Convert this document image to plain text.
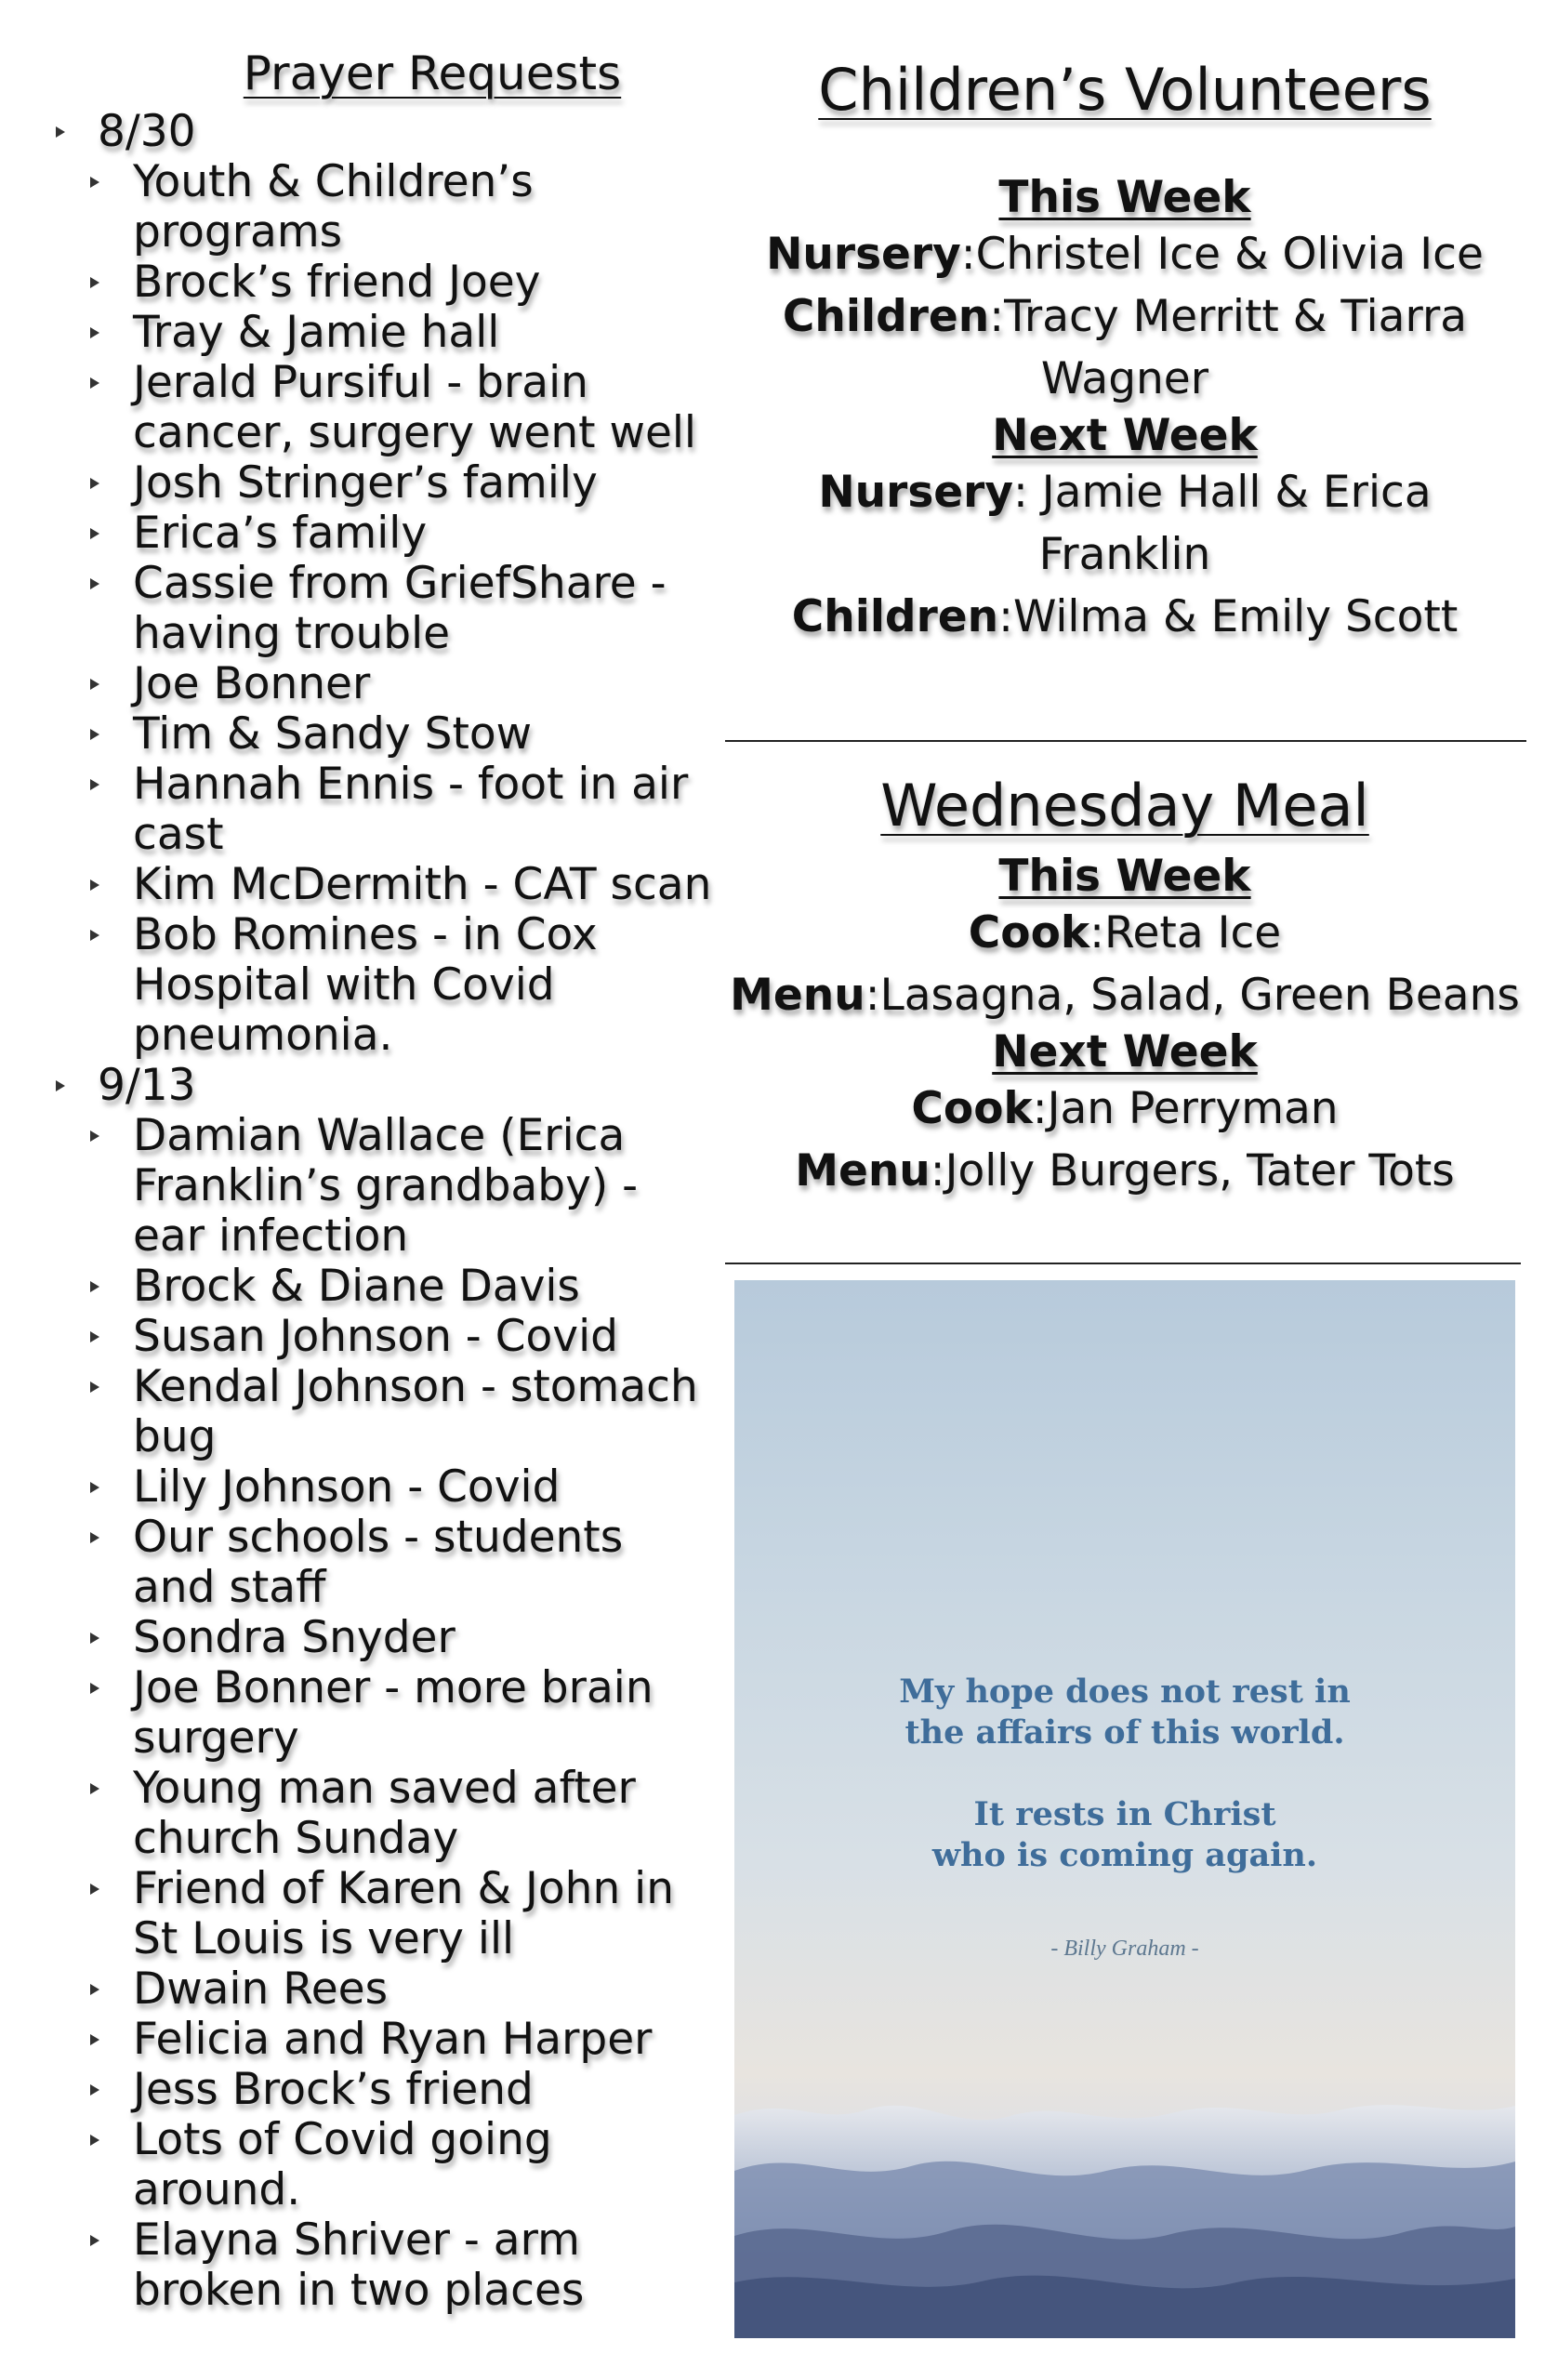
Prayer Requests
8/30
Youth & Children’s programs
Brock’s friend Joey
Tray & Jamie hall
Jerald Pursiful - brain cancer, surgery went well
Josh Stringer’s family
Erica’s family
Cassie from GriefShare - having trouble
Joe Bonner
Tim & Sandy Stow
Hannah Ennis - foot in air cast
Kim McDermith - CAT scan
Bob Romines - in Cox Hospital with Covid pneumonia.
9/13
Damian Wallace (Erica Franklin’s grandbaby) - ear infection
Brock & Diane Davis
Susan Johnson - Covid
Kendal Johnson - stomach bug
Lily Johnson - Covid
Our schools - students and staff
Sondra Snyder
Joe Bonner - more brain surgery
Young man saved after church Sunday
Friend of Karen & John in St Louis is very ill
Dwain Rees
Felicia and Ryan Harper
Jess Brock’s friend
Lots of Covid going around.
Elayna Shriver - arm broken in two places
Children’s Volunteers
This Week
Nursery:Christel Ice & Olivia Ice
Children:Tracy Merritt & Tiarra
Wagner
Next Week
Nursery: Jamie Hall & Erica
Franklin
Children:Wilma & Emily Scott
Wednesday Meal
This Week
Cook:Reta Ice
Menu:Lasagna, Salad, Green Beans
Next Week
Cook:Jan Perryman
Menu:Jolly Burgers, Tater Tots
My hope does not rest in
the affairs of this world.
It rests in Christ
who is coming again.
- Billy Graham -
